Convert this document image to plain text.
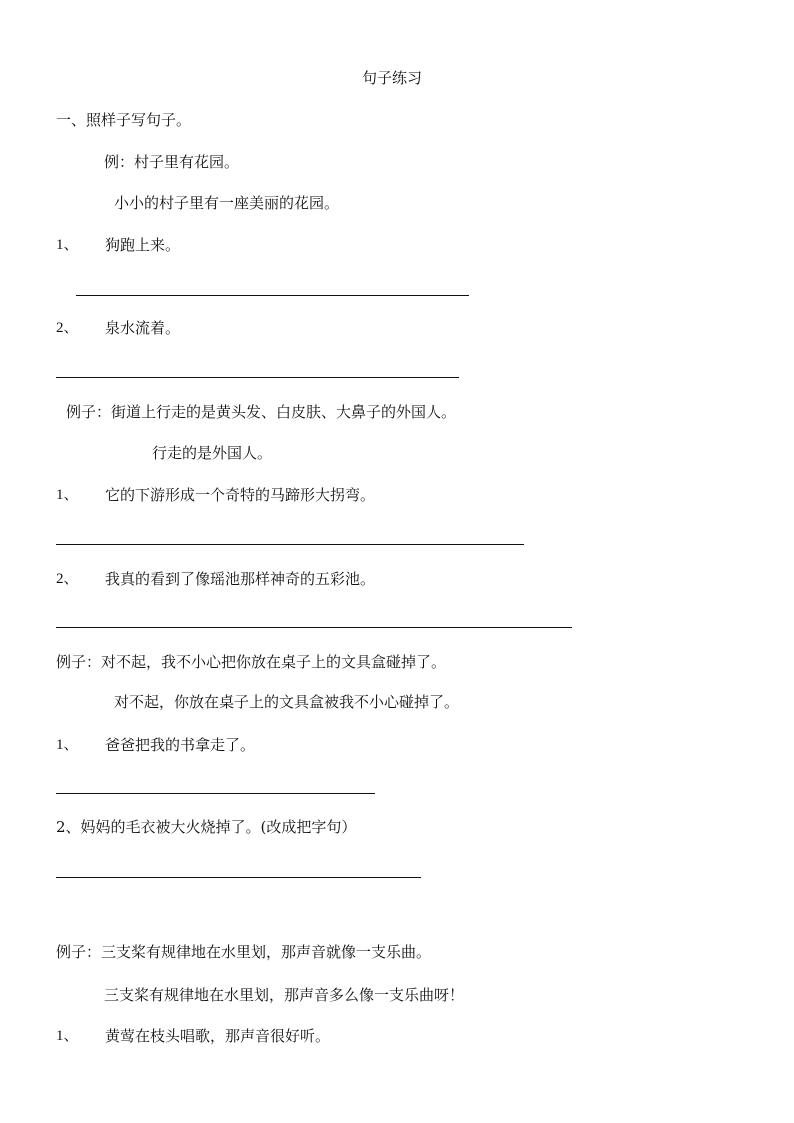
句子练习
一、照样子写句子。
例：村子里有花园。
小小的村子里有一座美丽的花园。
1、 狗跑上来。
2、 泉水流着。
例子：街道上行走的是黄头发、白皮肤、大鼻子的外国人。
行走的是外国人。
1、 它的下游形成一个奇特的马蹄形大拐弯。
2、 我真的看到了像瑶池那样神奇的五彩池。
例子：对不起，我不小心把你放在桌子上的文具盒碰掉了。
对不起，你放在桌子上的文具盒被我不小心碰掉了。
1、 爸爸把我的书拿走了。
2、妈妈的毛衣被大火烧掉了。(改成把字句）
例子：三支桨有规律地在水里划，那声音就像一支乐曲。
三支桨有规律地在水里划，那声音多么像一支乐曲呀！
1、 黄莺在枝头唱歌，那声音很好听。
